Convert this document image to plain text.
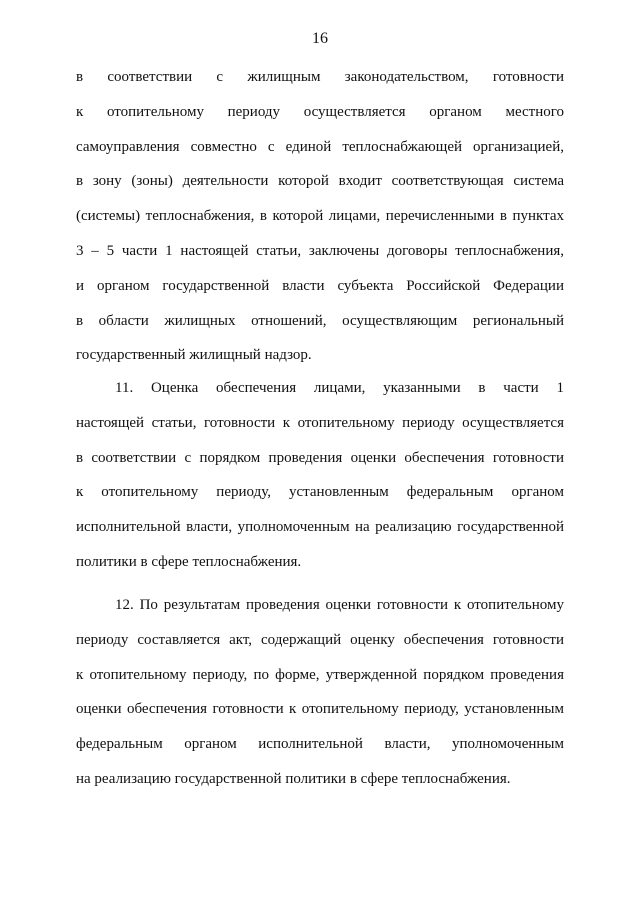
16
в соответствии с жилищным законодательством, готовности
к отопительному периоду осуществляется органом местного
самоуправления совместно с единой теплоснабжающей организацией,
в зону (зоны) деятельности которой входит соответствующая система
(системы) теплоснабжения, в которой лицами, перечисленными в пунктах
3 – 5 части 1 настоящей статьи, заключены договоры теплоснабжения,
и органом государственной власти субъекта Российской Федерации
в области жилищных отношений, осуществляющим региональный
государственный жилищный надзор.
11. Оценка обеспечения лицами, указанными в части 1
настоящей статьи, готовности к отопительному периоду осуществляется
в соответствии с порядком проведения оценки обеспечения готовности
к отопительному периоду, установленным федеральным органом
исполнительной власти, уполномоченным на реализацию государственной
политики в сфере теплоснабжения.
12. По результатам проведения оценки готовности к отопительному
периоду составляется акт, содержащий оценку обеспечения готовности
к отопительному периоду, по форме, утвержденной порядком проведения
оценки обеспечения готовности к отопительному периоду, установленным
федеральным органом исполнительной власти, уполномоченным
на реализацию государственной политики в сфере теплоснабжения.
